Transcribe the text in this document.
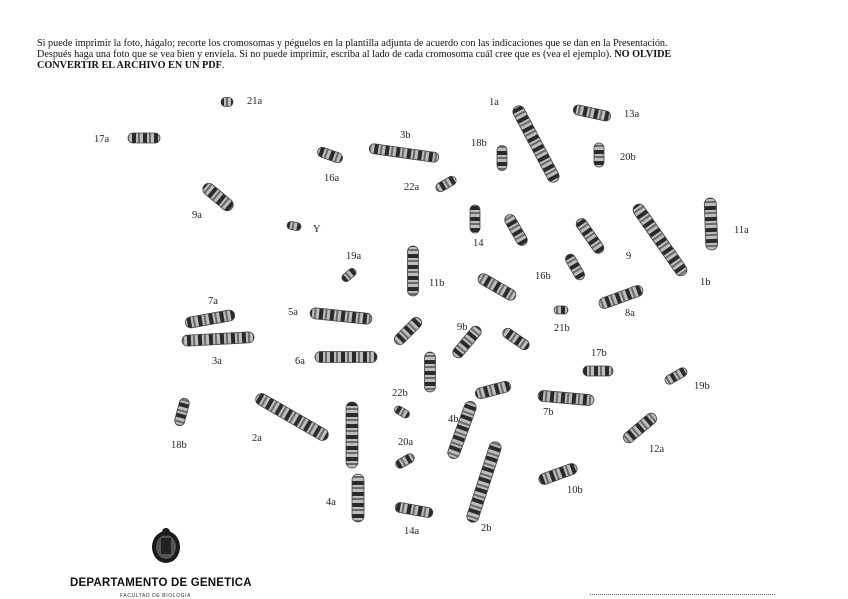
Si puede imprimir la foto, hágalo; recorte los cromosomas y péguelos en la plantilla adjunta de acuerdo con las indicaciones que se dan en la Presentación.
Después haga una foto que se vea bien y envíela. Si no puede imprimir, escriba al lado de cada cromosoma cuál cree que es (vea el ejemplo). NO OLVIDE
CONVERTIR EL ARCHIVO EN UN PDF.
21a
17a
1a
13a
3b
18b
16a
20b
22a
9a
Y	11a
14
19a
16b
9
1b
11b
7a
5a
21b
8a
9b
3a	6a
17b
22b
19b
7b
18b
2a
4b
20a
12a
10b
4a
14a	2b
DEPARTAMENTO DE GENETICA
FACULTAD DE BIOLOGIA
